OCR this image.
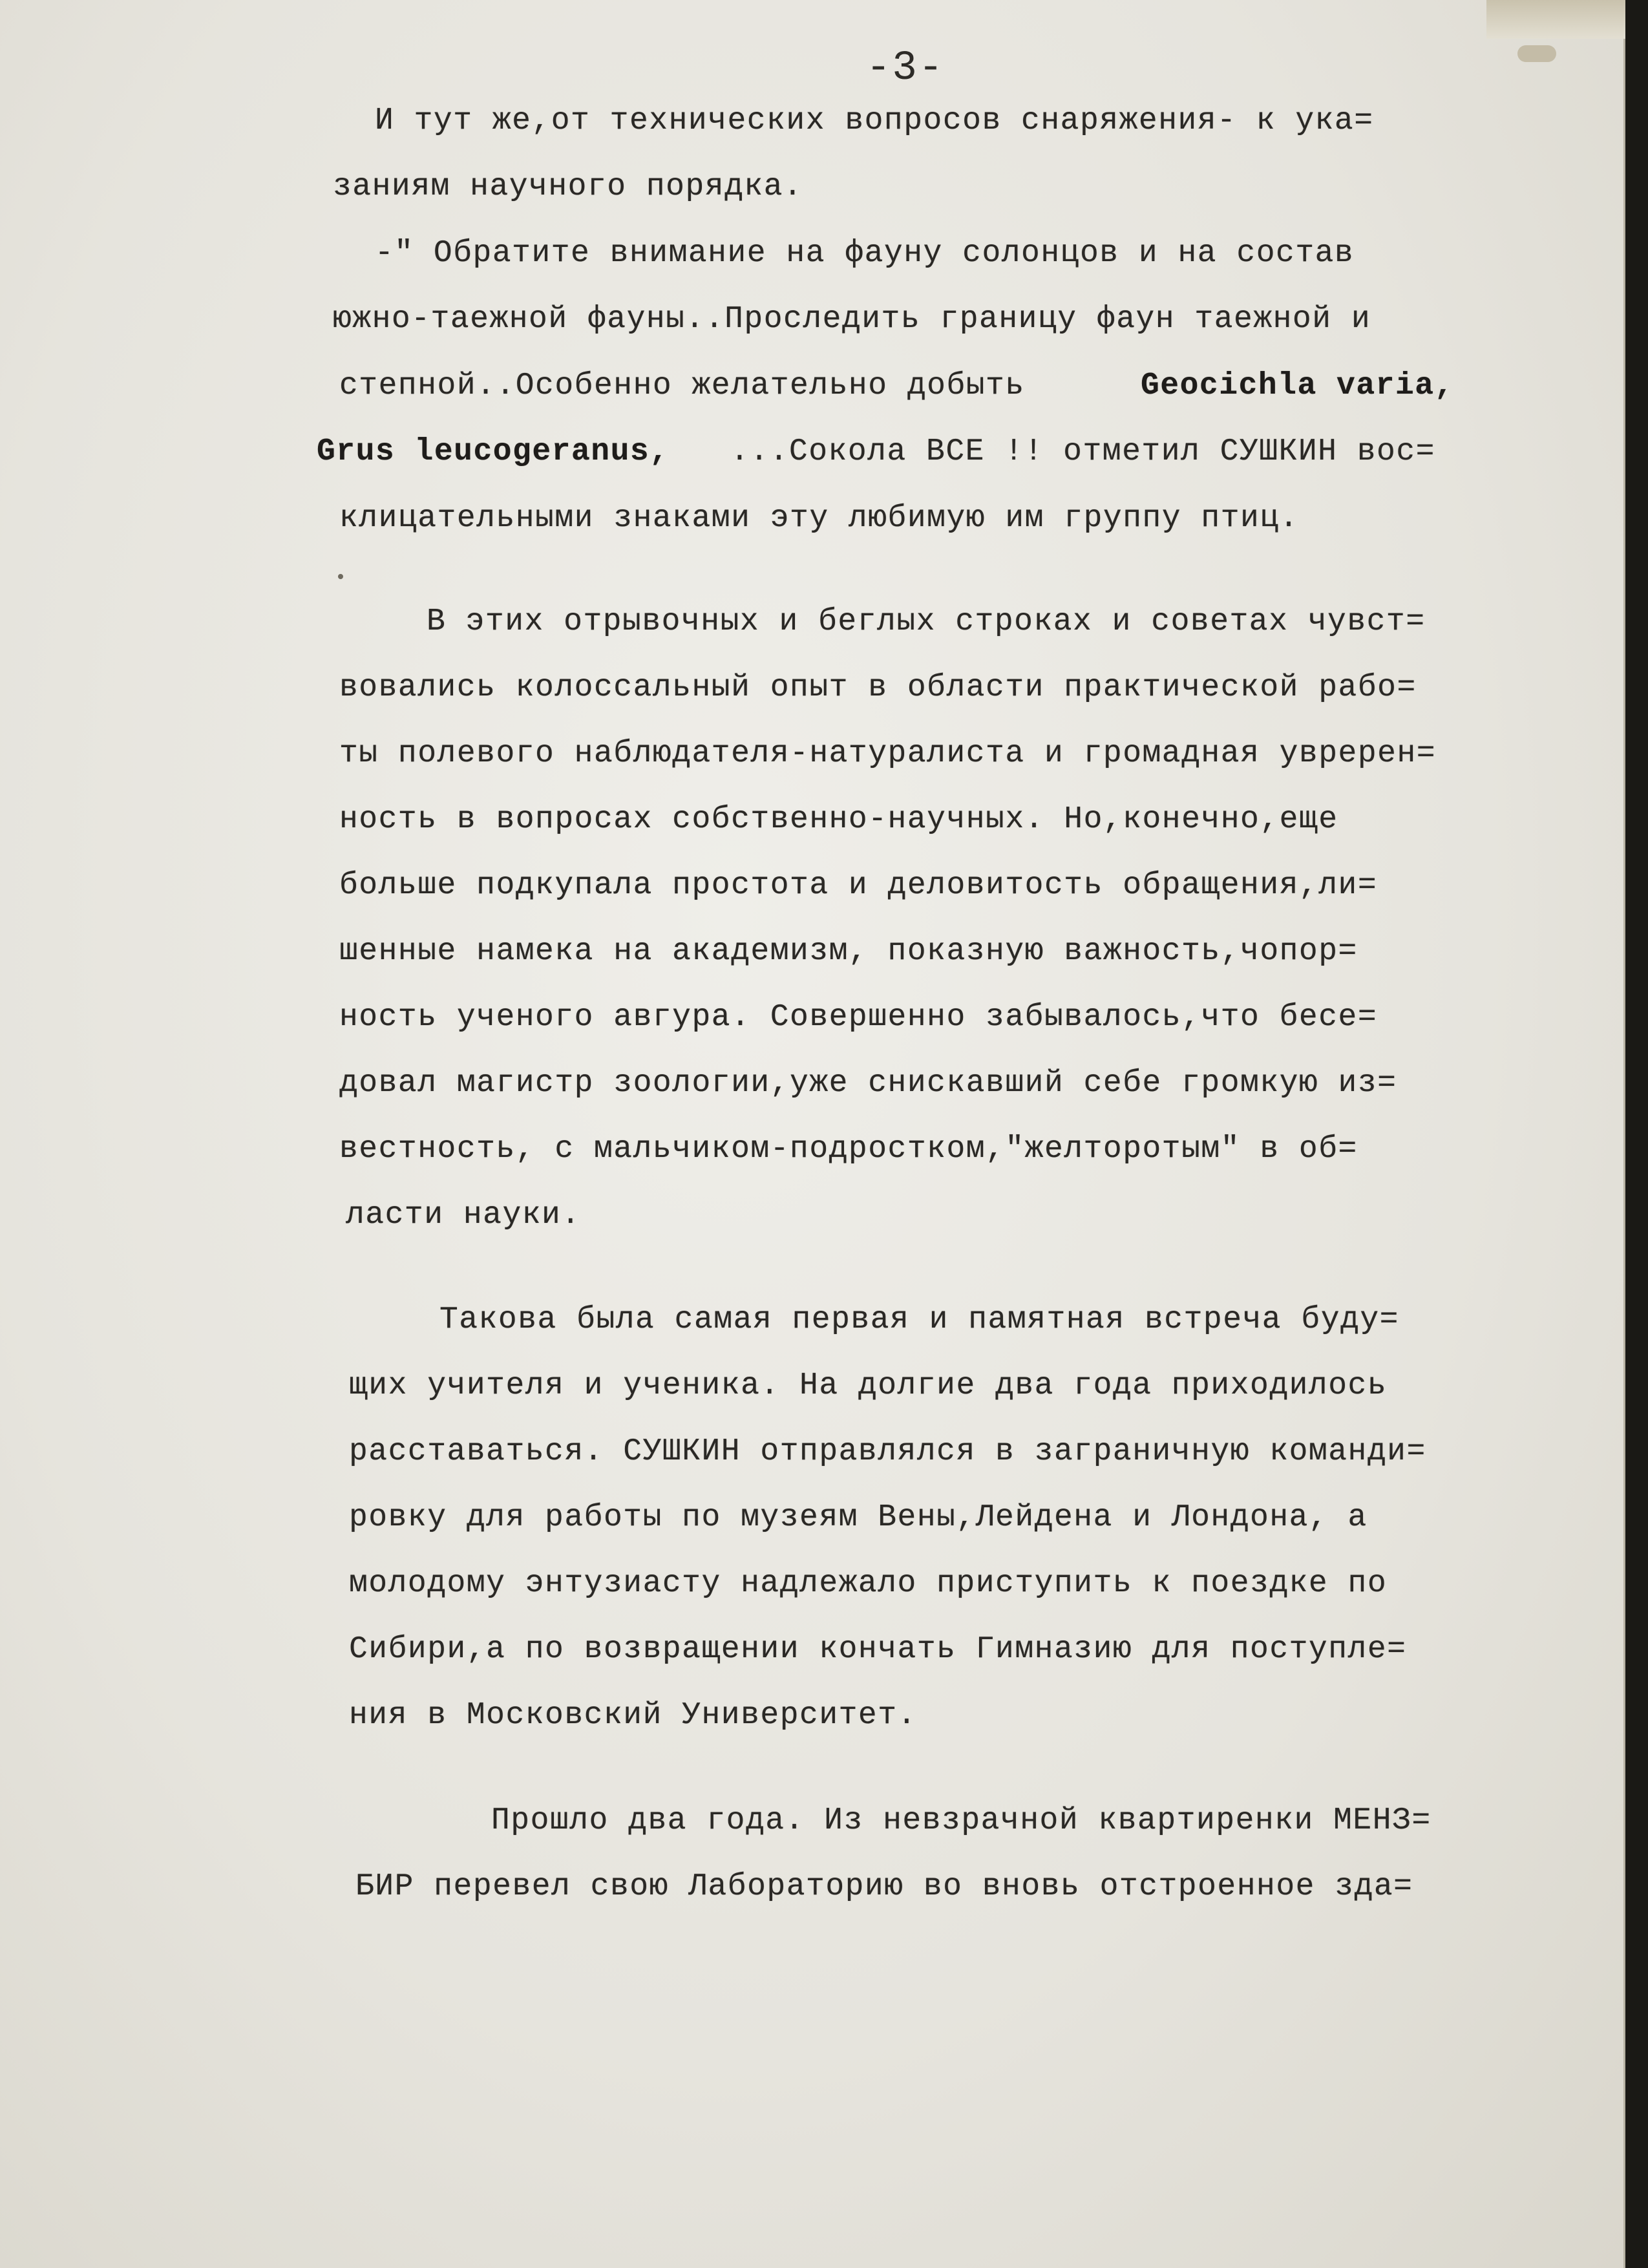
-3-
И тут же,от технических вопросов снаряжения- к ука=
заниям научного порядка.
-" Обратите внимание на фауну солонцов и на состав
южно-таежной фауны..Проследить границу фаун таежной и
степной..Особенно желательно добыть	Geocichla varia,
Grus leucogeranus, ...Сокола ВСЕ !! отметил СУШКИН вос=
клицательными знаками эту любимую им группу птиц.
В этих отрывочных и беглых строках и советах чувст=
вовались колоссальный опыт в области практической рабо=
ты полевого наблюдателя-натуралиста и громадная увререн=
ность в вопросах собственно-научных. Но,конечно,еще
больше подкупала простота и деловитость обращения,ли=
шенные намека на академизм, показную важность,чопор=
ность ученого авгура. Совершенно забывалось,что бесе=
довал магистр зоологии,уже снискавший себе громкую из=
вестность, с мальчиком-подростком,"желторотым" в об=
ласти науки.
Такова была самая первая и памятная встреча буду=
щих учителя и ученика. На долгие два года приходилось
расставаться. СУШКИН отправлялся в заграничную команди=
ровку для работы по музеям Вены,Лейдена и Лондона, а
молодому энтузиасту надлежало приступить к поездке по
Сибири,а по возвращении кончать Гимназию для поступле=
ния в Московский Университет.
Прошло два года. Из невзрачной квартиренки МЕНЗ=
БИР перевел свою Лабораторию во вновь отстроенное зда=
